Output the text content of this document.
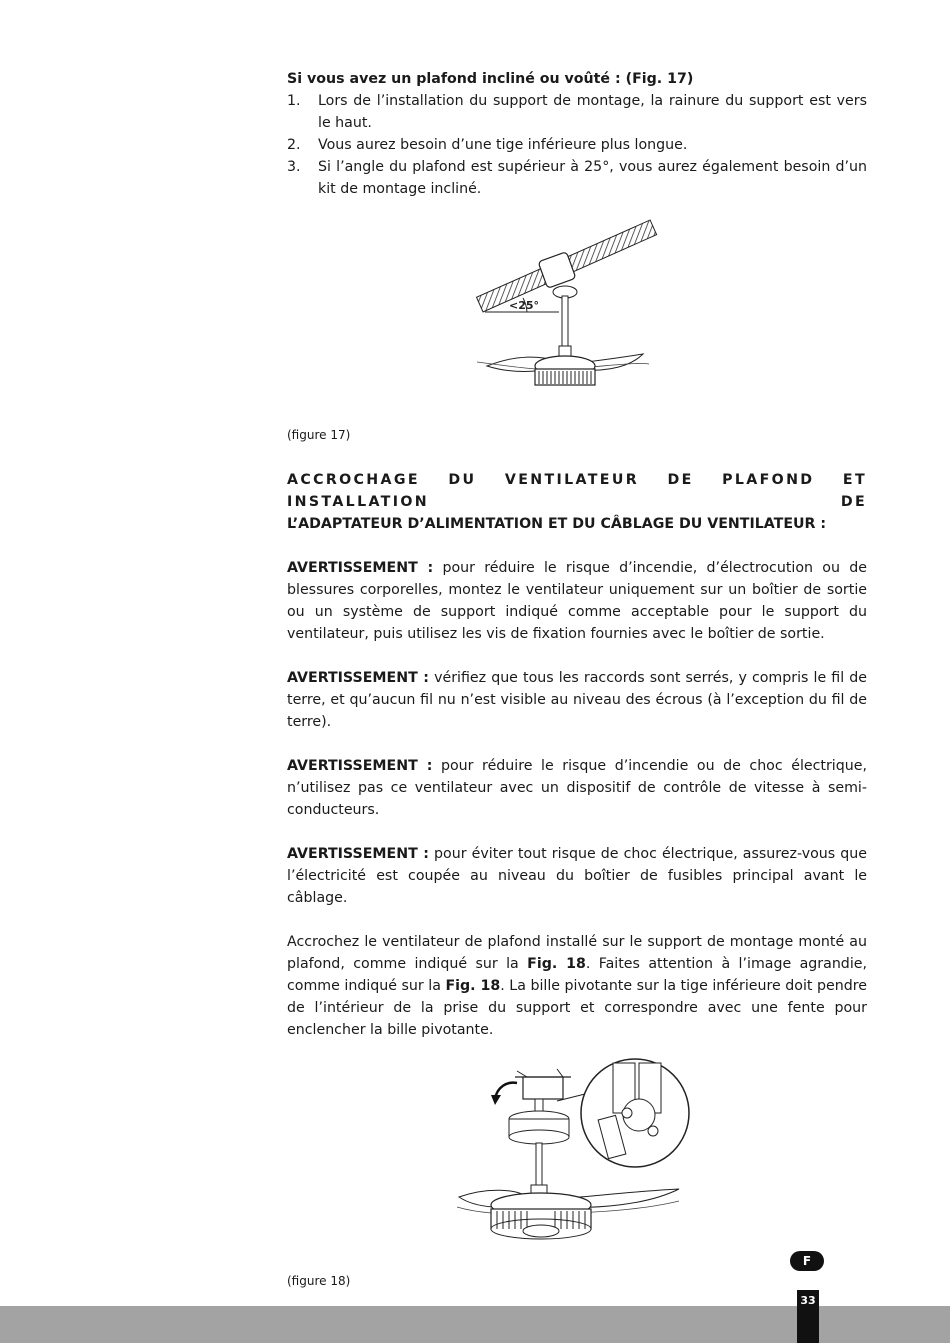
Si vous avez un plafond incliné ou voûté : (Fig. 17)

1. Lors de l’installation du support de montage, la rainure du support est vers le haut.
2. Vous aurez besoin d’une tige inférieure plus longue.
3. Si l’angle du plafond est supérieur à 25°, vous aurez également besoin d’un kit de montage incliné.
<25°

(figure 17)

ACCROCHAGE DU VENTILATEUR DE PLAFOND ET INSTALLATION DE
L’ADAPTATEUR D’ALIMENTATION ET DU CÂBLAGE DU VENTILATEUR :

AVERTISSEMENT : pour réduire le risque d’incendie, d’électrocution ou de blessures corporelles, montez le ventilateur uniquement sur un boîtier de sortie ou un système de support indiqué comme acceptable pour le support du ventilateur, puis utilisez les vis de fixation fournies avec le boîtier de sortie.

AVERTISSEMENT : vérifiez que tous les raccords sont serrés, y compris le fil de terre, et qu’aucun fil nu n’est visible au niveau des écrous (à l’exception du fil de terre).

AVERTISSEMENT : pour réduire le risque d’incendie ou de choc électrique, n’utilisez pas ce ventilateur avec un dispositif de contrôle de vitesse à semi-conducteurs.

AVERTISSEMENT : pour éviter tout risque de choc électrique, assurez-vous que l’électricité est coupée au niveau du boîtier de fusibles principal avant le câblage.

Accrochez le ventilateur de plafond installé sur le support de montage monté au plafond, comme indiqué sur la Fig. 18. Faites attention à l’image agrandie, comme indiqué sur la Fig. 18. La bille pivotante sur la tige inférieure doit pendre de l’intérieur de la prise du support et correspondre avec une fente pour enclencher la bille pivotante.

(figure 18)

F
33
